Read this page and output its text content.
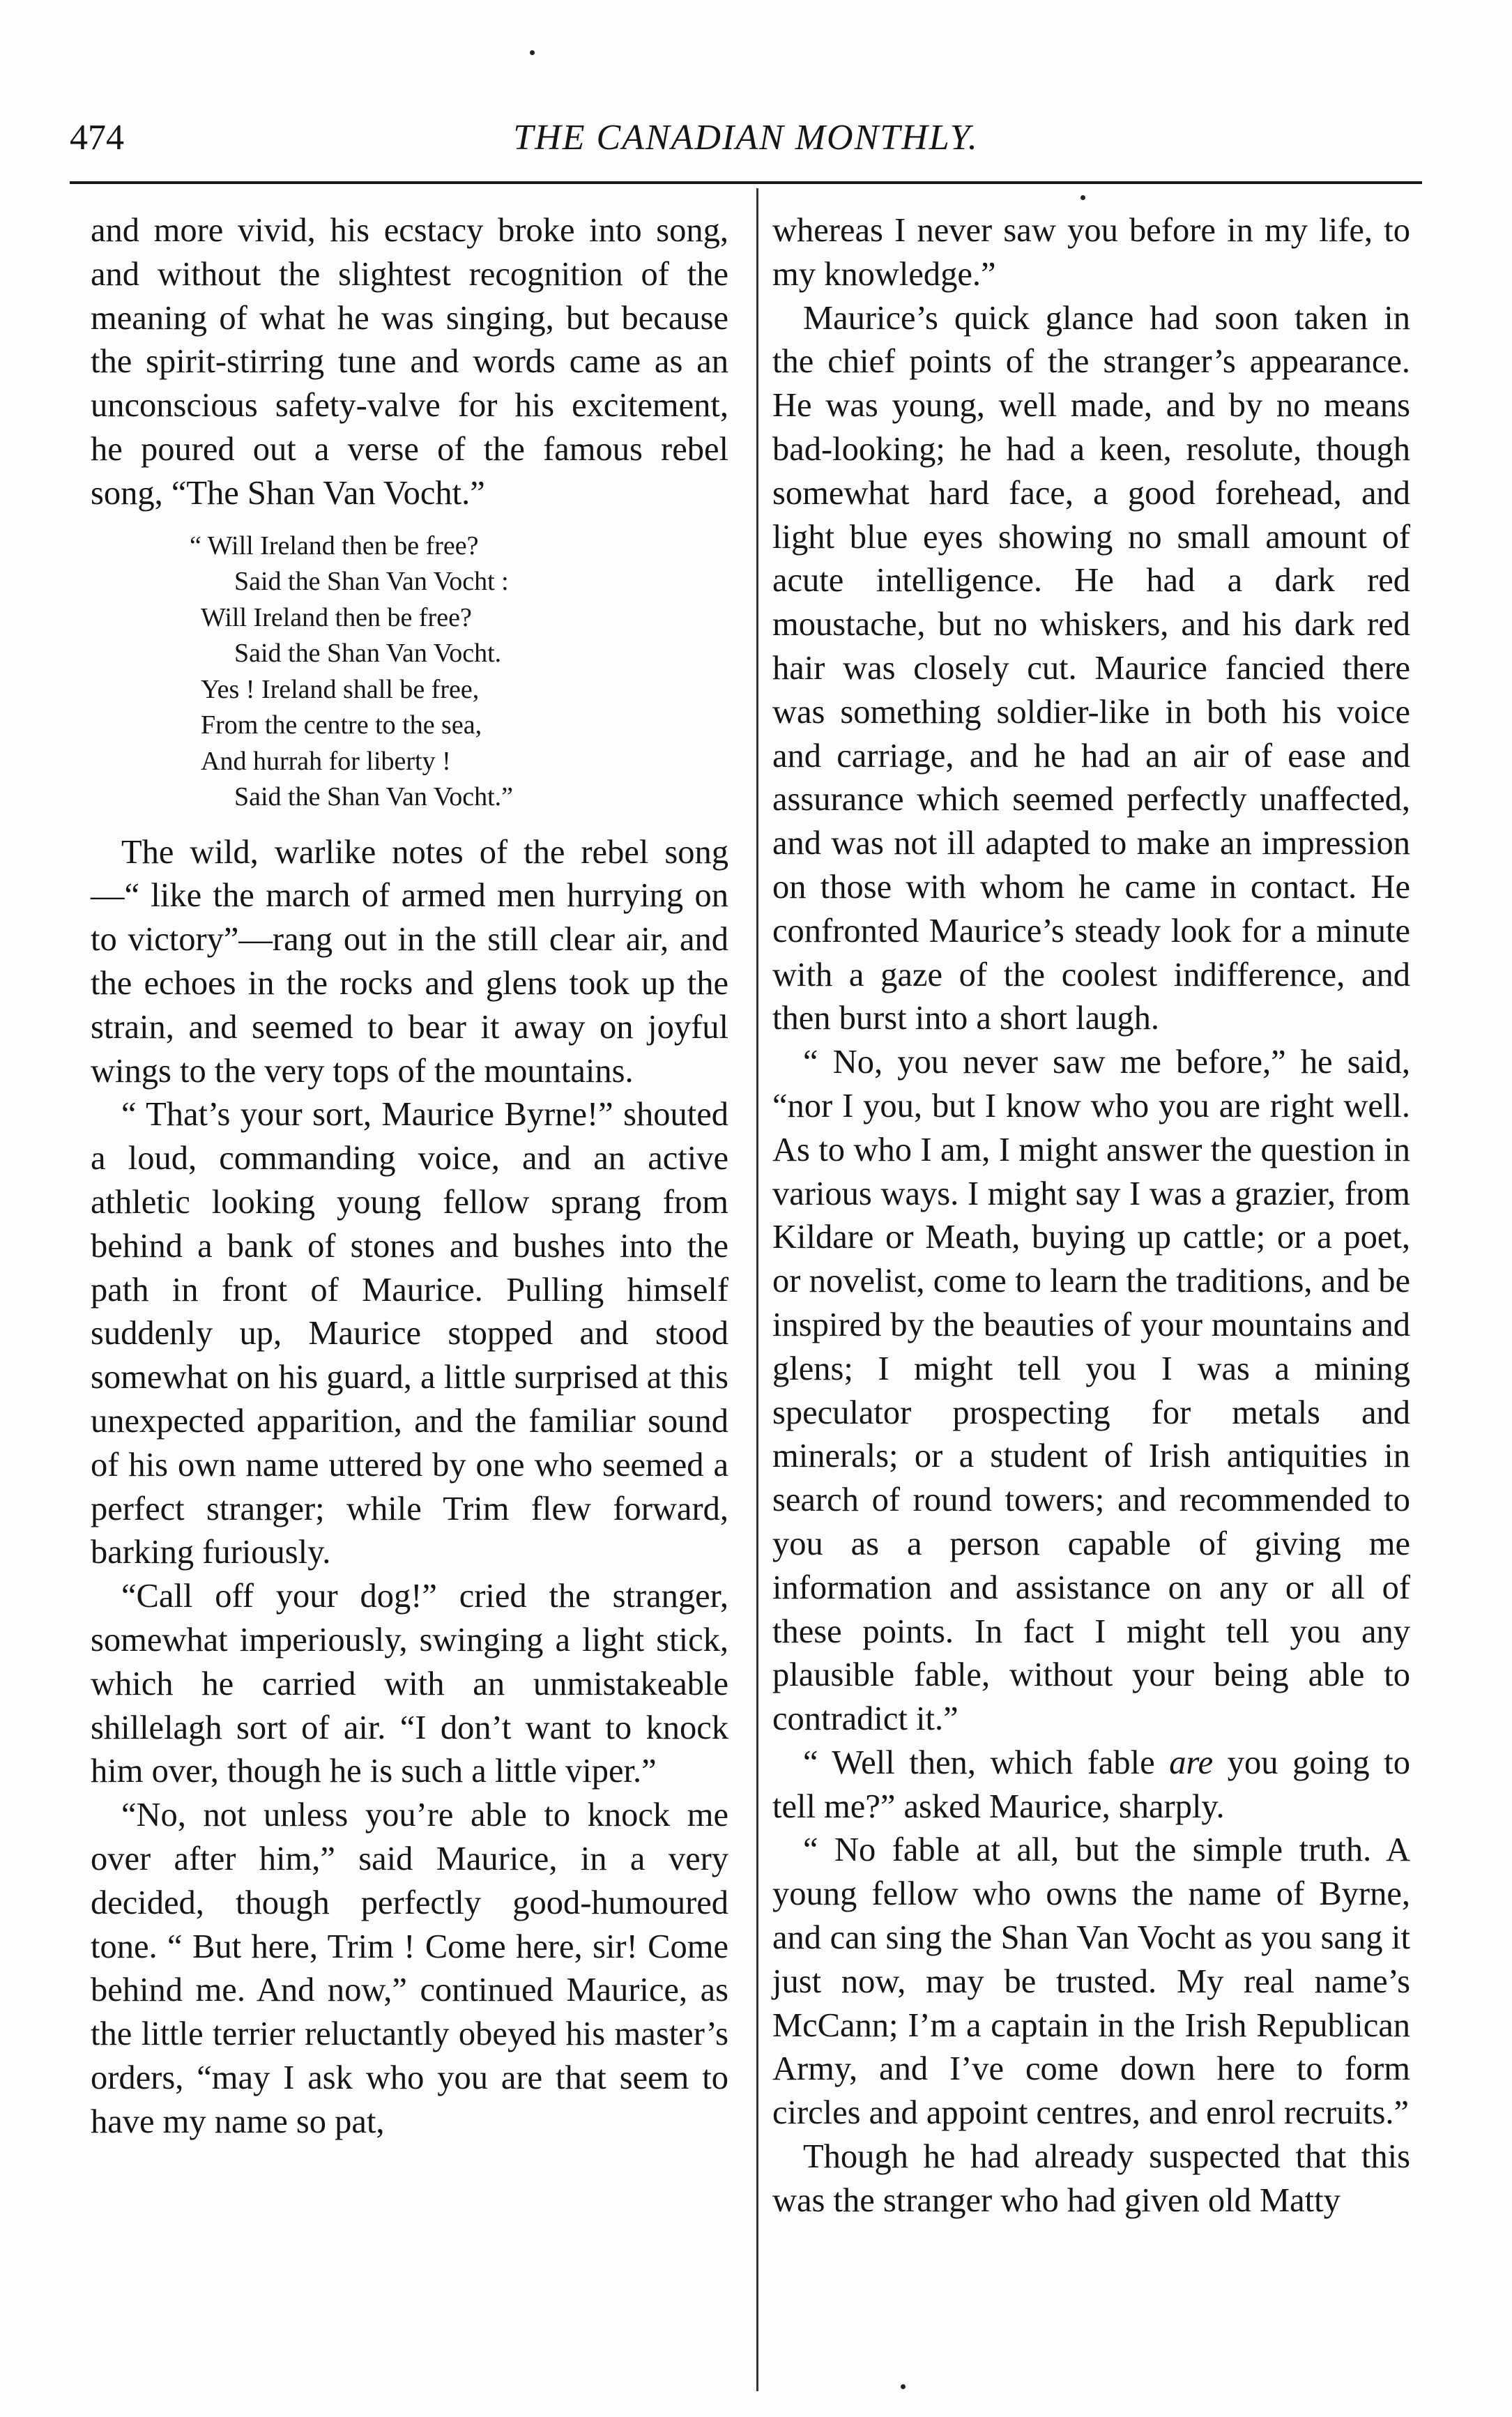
474	THE CANADIAN MONTHLY.

and more vivid, his ecstacy broke into song, and without the slightest recognition of the meaning of what he was singing, but because the spirit-stirring tune and words came as an unconscious safety-valve for his excitement, he poured out a verse of the famous rebel song, “The Shan Van Vocht.”

“ Will Ireland then be free?
Said the Shan Van Vocht :
Will Ireland then be free?
Said the Shan Van Vocht.
Yes ! Ireland shall be free,
From the centre to the sea,
And hurrah for liberty !
Said the Shan Van Vocht.”

The wild, warlike notes of the rebel song —“ like the march of armed men hurrying on to victory”—rang out in the still clear air, and the echoes in the rocks and glens took up the strain, and seemed to bear it away on joyful wings to the very tops of the mountains.

“ That’s your sort, Maurice Byrne!” shouted a loud, commanding voice, and an active athletic looking young fellow sprang from behind a bank of stones and bushes into the path in front of Maurice. Pulling himself suddenly up, Maurice stopped and stood somewhat on his guard, a little surprised at this unexpected apparition, and the familiar sound of his own name uttered by one who seemed a perfect stranger; while Trim flew forward, barking furiously.

“Call off your dog!” cried the stranger, somewhat imperiously, swinging a light stick, which he carried with an unmistakeable shillelagh sort of air. “I don’t want to knock him over, though he is such a little viper.”

“No, not unless you’re able to knock me over after him,” said Maurice, in a very decided, though perfectly good-humoured tone. “ But here, Trim ! Come here, sir! Come behind me. And now,” continued Maurice, as the little terrier reluctantly obeyed his master’s orders, “may I ask who you are that seem to have my name so pat,

whereas I never saw you before in my life, to my knowledge.”

Maurice’s quick glance had soon taken in the chief points of the stranger’s appearance. He was young, well made, and by no means bad-looking; he had a keen, resolute, though somewhat hard face, a good forehead, and light blue eyes showing no small amount of acute intelligence. He had a dark red moustache, but no whiskers, and his dark red hair was closely cut. Maurice fancied there was something soldier-like in both his voice and carriage, and he had an air of ease and assurance which seemed perfectly unaffected, and was not ill adapted to make an impression on those with whom he came in contact. He confronted Maurice’s steady look for a minute with a gaze of the coolest indifference, and then burst into a short laugh.

“ No, you never saw me before,” he said, “nor I you, but I know who you are right well. As to who I am, I might answer the question in various ways. I might say I was a grazier, from Kildare or Meath, buying up cattle; or a poet, or novelist, come to learn the traditions, and be inspired by the beauties of your mountains and glens; I might tell you I was a mining speculator prospecting for metals and minerals; or a student of Irish antiquities in search of round towers; and recommended to you as a person capable of giving me information and assistance on any or all of these points. In fact I might tell you any plausible fable, without your being able to contradict it.”

“ Well then, which fable are you going to tell me?” asked Maurice, sharply.

“ No fable at all, but the simple truth. A young fellow who owns the name of Byrne, and can sing the Shan Van Vocht as you sang it just now, may be trusted. My real name’s McCann; I’m a captain in the Irish Republican Army, and I’ve come down here to form circles and appoint centres, and enrol recruits.”

Though he had already suspected that this was the stranger who had given old Matty
